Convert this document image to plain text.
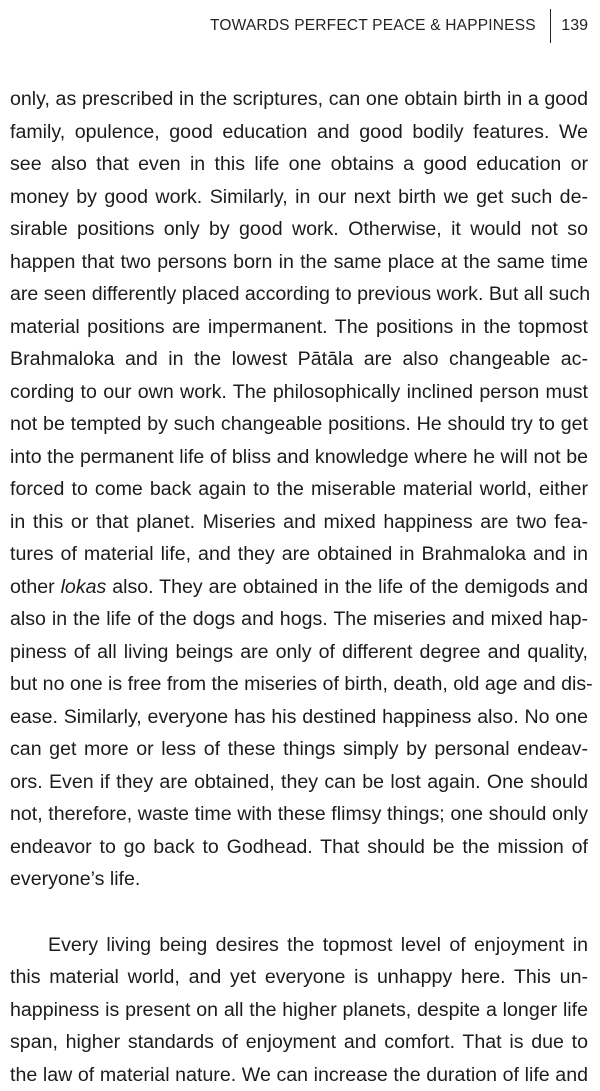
TOWARDS PERFECT PEACE & HAPPINESS 139

only, as prescribed in the scriptures, can one obtain birth in a good
family, opulence, good education and good bodily features. We
see also that even in this life one obtains a good education or
money by good work. Similarly, in our next birth we get such de-
sirable positions only by good work. Otherwise, it would not so
happen that two persons born in the same place at the same time
are seen differently placed according to previous work. But all such
material positions are impermanent. The positions in the topmost
Brahmaloka and in the lowest Pātāla are also changeable ac-
cording to our own work. The philosophically inclined person must
not be tempted by such changeable positions. He should try to get
into the permanent life of bliss and knowledge where he will not be
forced to come back again to the miserable material world, either
in this or that planet. Miseries and mixed happiness are two fea-
tures of material life, and they are obtained in Brahmaloka and in
other lokas also. They are obtained in the life of the demigods and
also in the life of the dogs and hogs. The miseries and mixed hap-
piness of all living beings are only of different degree and quality,
but no one is free from the miseries of birth, death, old age and dis-
ease. Similarly, everyone has his destined happiness also. No one
can get more or less of these things simply by personal endeav-
ors. Even if they are obtained, they can be lost again. One should
not, therefore, waste time with these flimsy things; one should only
endeavor to go back to Godhead. That should be the mission of
everyone’s life.

Every living being desires the topmost level of enjoyment in
this material world, and yet everyone is unhappy here. This un-
happiness is present on all the higher planets, despite a longer life
span, higher standards of enjoyment and comfort. That is due to
the law of material nature. We can increase the duration of life and
